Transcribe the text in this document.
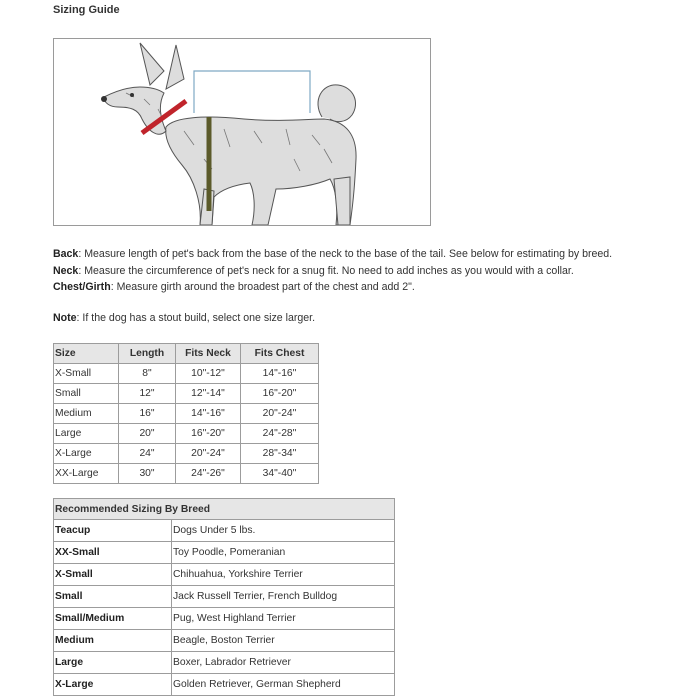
Sizing Guide
Back: Measure length of pet's back from the base of the neck to the base of the tail. See below for estimating by breed.
Neck: Measure the circumference of pet's neck for a snug fit. No need to add inches as you would with a collar.
Chest/Girth: Measure girth around the broadest part of the chest and add 2".
Note: If the dog has a stout build, select one size larger.
Size	Length	Fits Neck	Fits Chest
X-Small	8"	10"-12"	14"-16"
Small	12"	12"-14"	16"-20"
Medium	16"	14"-16"	20"-24"
Large	20"	16"-20"	24"-28"
X-Large	24"	20"-24"	28"-34"
XX-Large	30"	24"-26"	34"-40"
Recommended Sizing By Breed	
Teacup	Dogs Under 5 lbs.
XX-Small	Toy Poodle, Pomeranian
X-Small	Chihuahua, Yorkshire Terrier
Small	Jack Russell Terrier, French Bulldog
Small/Medium	Pug, West Highland Terrier
Medium	Beagle, Boston Terrier
Large	Boxer, Labrador Retriever
X-Large	Golden Retriever, German Shepherd
